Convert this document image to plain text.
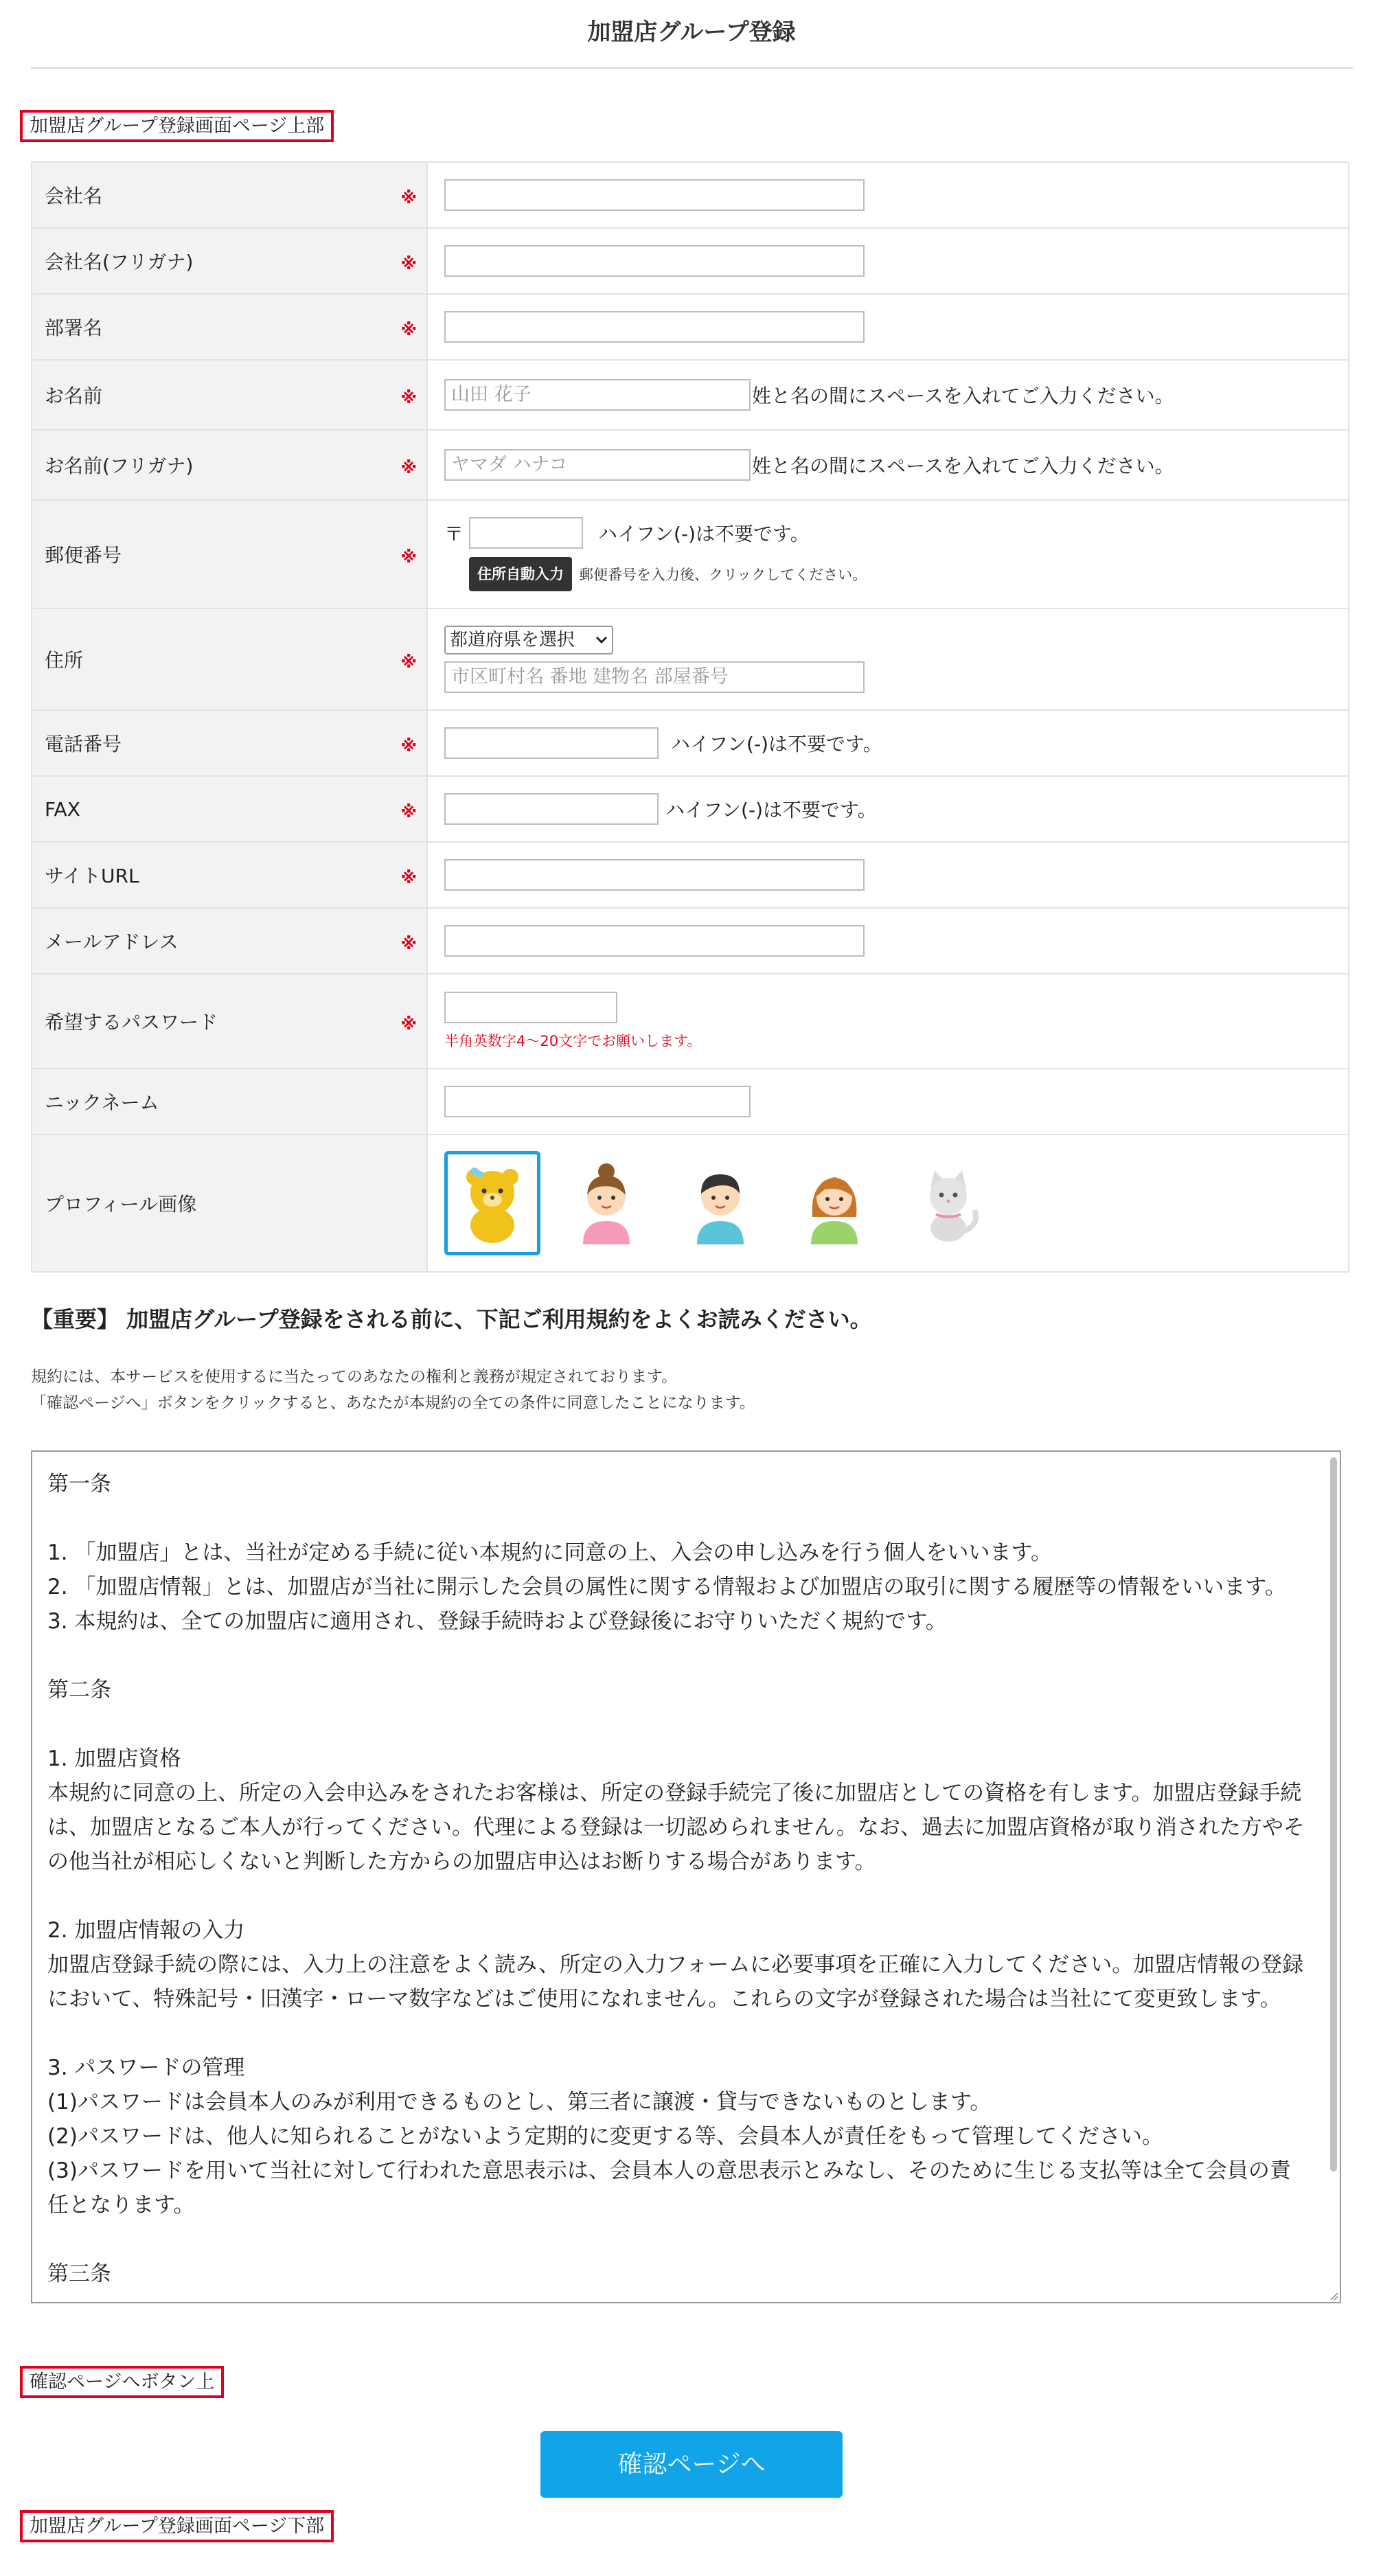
加盟店グループ登録
加盟店グループ登録画面ページ上部
会社名	※
会社名(フリガナ)	※
部署名	※
お名前	※	山田 花子	姓と名の間にスペースを入れてご入力ください。
お名前(フリガナ)	※	ヤマダ ハナコ	姓と名の間にスペースを入れてご入力ください。
郵便番号	※
〒	ハイフン(-)は不要です。
住所自動入力	郵便番号を入力後、クリックしてください。
住所	※
都道府県を選択
市区町村名 番地 建物名 部屋番号
電話番号	※	ハイフン(-)は不要です。
FAX	※	ハイフン(-)は不要です。
サイトURL	※
メールアドレス	※
希望するパスワード	※
半角英数字4～20文字でお願いします。
ニックネーム
プロフィール画像
【重要】 加盟店グループ登録をされる前に、下記ご利用規約をよくお読みください。
規約には、本サービスを使用するに当たってのあなたの権利と義務が規定されております。
「確認ページへ」ボタンをクリックすると、あなたが本規約の全ての条件に同意したことになります。

第一条

1. 「加盟店」とは、当社が定める手続に従い本規約に同意の上、入会の申し込みを行う個人をいいます。

2. 「加盟店情報」とは、加盟店が当社に開示した会員の属性に関する情報および加盟店の取引に関する履歴等の情報をいいます。

3. 本規約は、全ての加盟店に適用され、登録手続時および登録後にお守りいただく規約です。

第二条

1. 加盟店資格

本規約に同意の上、所定の入会申込みをされたお客様は、所定の登録手続完了後に加盟店としての資格を有します。加盟店登録手続は、加盟店となるご本人が行ってください。代理による登録は一切認められません。なお、過去に加盟店資格が取り消された方やその他当社が相応しくないと判断した方からの加盟店申込はお断りする場合があります。

2. 加盟店情報の入力

加盟店登録手続の際には、入力上の注意をよく読み、所定の入力フォームに必要事項を正確に入力してください。加盟店情報の登録において、特殊記号・旧漢字・ローマ数字などはご使用になれません。これらの文字が登録された場合は当社にて変更致します。

3. パスワードの管理

(1)パスワードは会員本人のみが利用できるものとし、第三者に譲渡・貸与できないものとします。

(2)パスワードは、他人に知られることがないよう定期的に変更する等、会員本人が責任をもって管理してください。

(3)パスワードを用いて当社に対して行われた意思表示は、会員本人の意思表示とみなし、そのために生じる支払等は全て会員の責任となります。

第三条

確認ページへボタン上
確認ページへ
加盟店グループ登録画面ページ下部
